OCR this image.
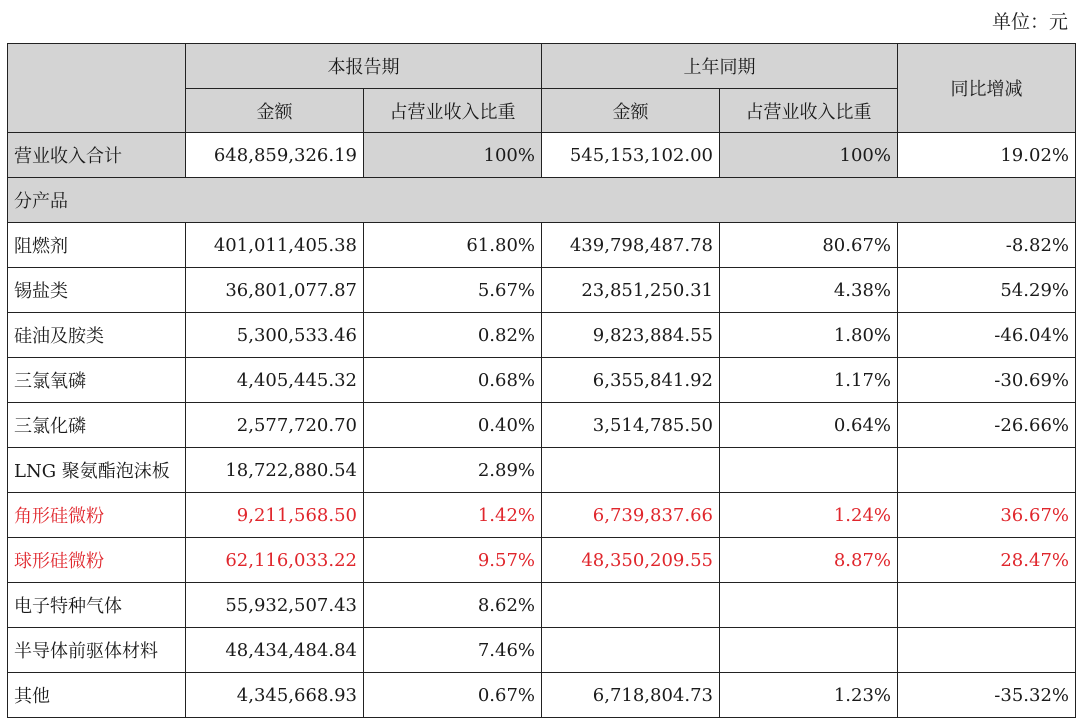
单位：元
	本报告期		上年同期		同比增减
	金额	占营业收入比重	金额	占营业收入比重	
营业收入合计	648,859,326.19	100%	545,153,102.00	100%	19.02%
分产品					
阻燃剂	401,011,405.38	61.80%	439,798,487.78	80.67%	-8.82%
锡盐类	36,801,077.87	5.67%	23,851,250.31	4.38%	54.29%
硅油及胺类	5,300,533.46	0.82%	9,823,884.55	1.80%	-46.04%
三氯氧磷	4,405,445.32	0.68%	6,355,841.92	1.17%	-30.69%
三氯化磷	2,577,720.70	0.40%	3,514,785.50	0.64%	-26.66%
LNG 聚氨酯泡沫板	18,722,880.54	2.89%			
角形硅微粉	9,211,568.50	1.42%	6,739,837.66	1.24%	36.67%
球形硅微粉	62,116,033.22	9.57%	48,350,209.55	8.87%	28.47%
电子特种气体	55,932,507.43	8.62%			
半导体前驱体材料	48,434,484.84	7.46%			
其他	4,345,668.93	0.67%	6,718,804.73	1.23%	-35.32%
